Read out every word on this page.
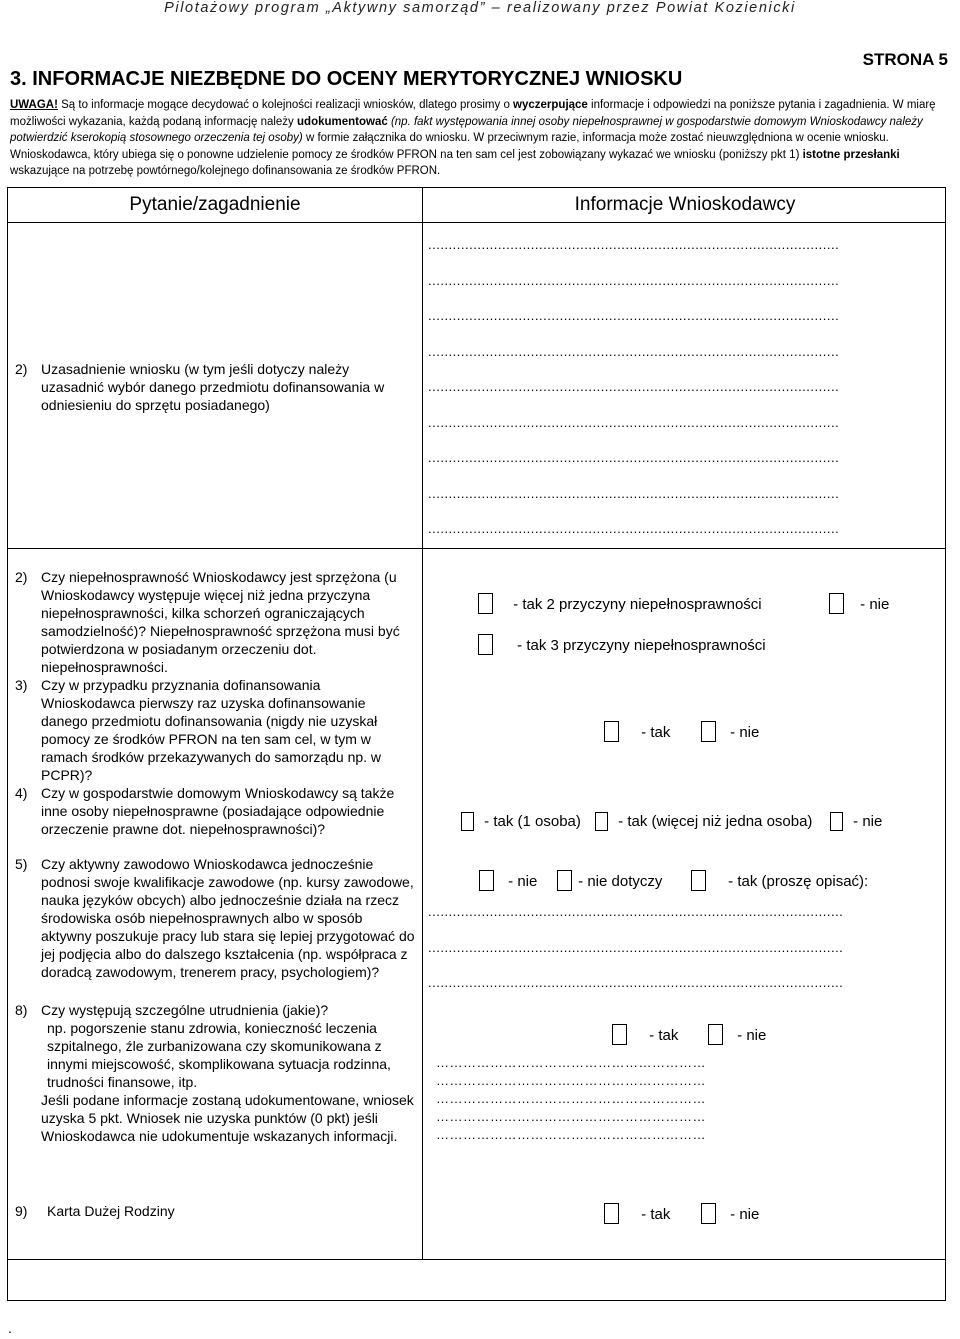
Pilotażowy program „Aktywny samorząd” – realizowany przez Powiat Kozienicki
STRONA 5
3. INFORMACJE NIEZBĘDNE DO OCENY MERYTORYCZNEJ WNIOSKU
UWAGA! Są to informacje mogące decydować o kolejności realizacji wniosków, dlatego prosimy o wyczerpujące informacje i odpowiedzi na poniższe pytania i zagadnienia. W miarę możliwości wykazania, każdą podaną informację należy udokumentować (np. fakt występowania innej osoby niepełnosprawnej w gospodarstwie domowym Wnioskodawcy należy potwierdzić kserokopią stosownego orzeczenia tej osoby) w formie załącznika do wniosku. W przeciwnym razie, informacja może zostać nieuwzględniona w ocenie wniosku. Wnioskodawca, który ubiega się o ponowne udzielenie pomocy ze środków PFRON na ten sam cel jest zobowiązany wykazać we wniosku (poniższy pkt 1) istotne przesłanki wskazujące na potrzebę powtórnego/kolejnego dofinansowania ze środków PFRON.
Pytanie/zagadnienie	Informacje Wnioskodawcy
2) Uzasadnienie wniosku (w tym jeśli dotyczy należy uzasadnić wybór danego przedmiotu dofinansowania w odniesieniu do sprzętu posiadanego)
....................................................................................................
....................................................................................................
....................................................................................................
....................................................................................................
....................................................................................................
....................................................................................................
....................................................................................................
....................................................................................................
....................................................................................................
2) Czy niepełnosprawność Wnioskodawcy jest sprzężona (u Wnioskodawcy występuje więcej niż jedna przyczyna niepełnosprawności, kilka schorzeń ograniczających samodzielność)? Niepełnosprawność sprzężona musi być potwierdzona w posiadanym orzeczeniu dot. niepełnosprawności.
- tak 2 przyczyny niepełnosprawności	- nie
- tak 3 przyczyny niepełnosprawności
3) Czy w przypadku przyznania dofinansowania Wnioskodawca pierwszy raz uzyska dofinansowanie danego przedmiotu dofinansowania (nigdy nie uzyskał pomocy ze środków PFRON na ten sam cel, w tym w ramach środków przekazywanych do samorządu np. w PCPR)?
- tak	- nie
4) Czy w gospodarstwie domowym Wnioskodawcy są także inne osoby niepełnosprawne (posiadające odpowiednie orzeczenie prawne dot. niepełnosprawności)?	- tak (1 osoba)	- tak (więcej niż jedna osoba)	- nie
5) Czy aktywny zawodowo Wnioskodawca jednocześnie podnosi swoje kwalifikacje zawodowe (np. kursy zawodowe, nauka języków obcych) albo jednocześnie działa na rzecz środowiska osób niepełnosprawnych albo w sposób aktywny poszukuje pracy lub stara się lepiej przygotować do jej podjęcia albo do dalszego kształcenia (np. współpraca z doradcą zawodowym, trenerem pracy, psychologiem)?
- nie	- nie dotyczy	- tak (proszę opisać):
.....................................................................................................
.....................................................................................................
.....................................................................................................
8) Czy występują szczególne utrudnienia (jakie)?
np. pogorszenie stanu zdrowia, konieczność leczenia szpitalnego, źle zurbanizowana czy skomunikowana z innymi miejscowość, skomplikowana sytuacja rodzinna, trudności finansowe, itp.
Jeśli podane informacje zostaną udokumentowane, wniosek uzyska 5 pkt. Wniosek nie uzyska punktów (0 pkt) jeśli Wnioskodawca nie udokumentuje wskazanych informacji.
- tak	- nie
……………………………………………………
……………………………………………………
……………………………………………………
……………………………………………………
……………………………………………………
9)	Karta Dużej Rodziny	- tak	- nie
.
